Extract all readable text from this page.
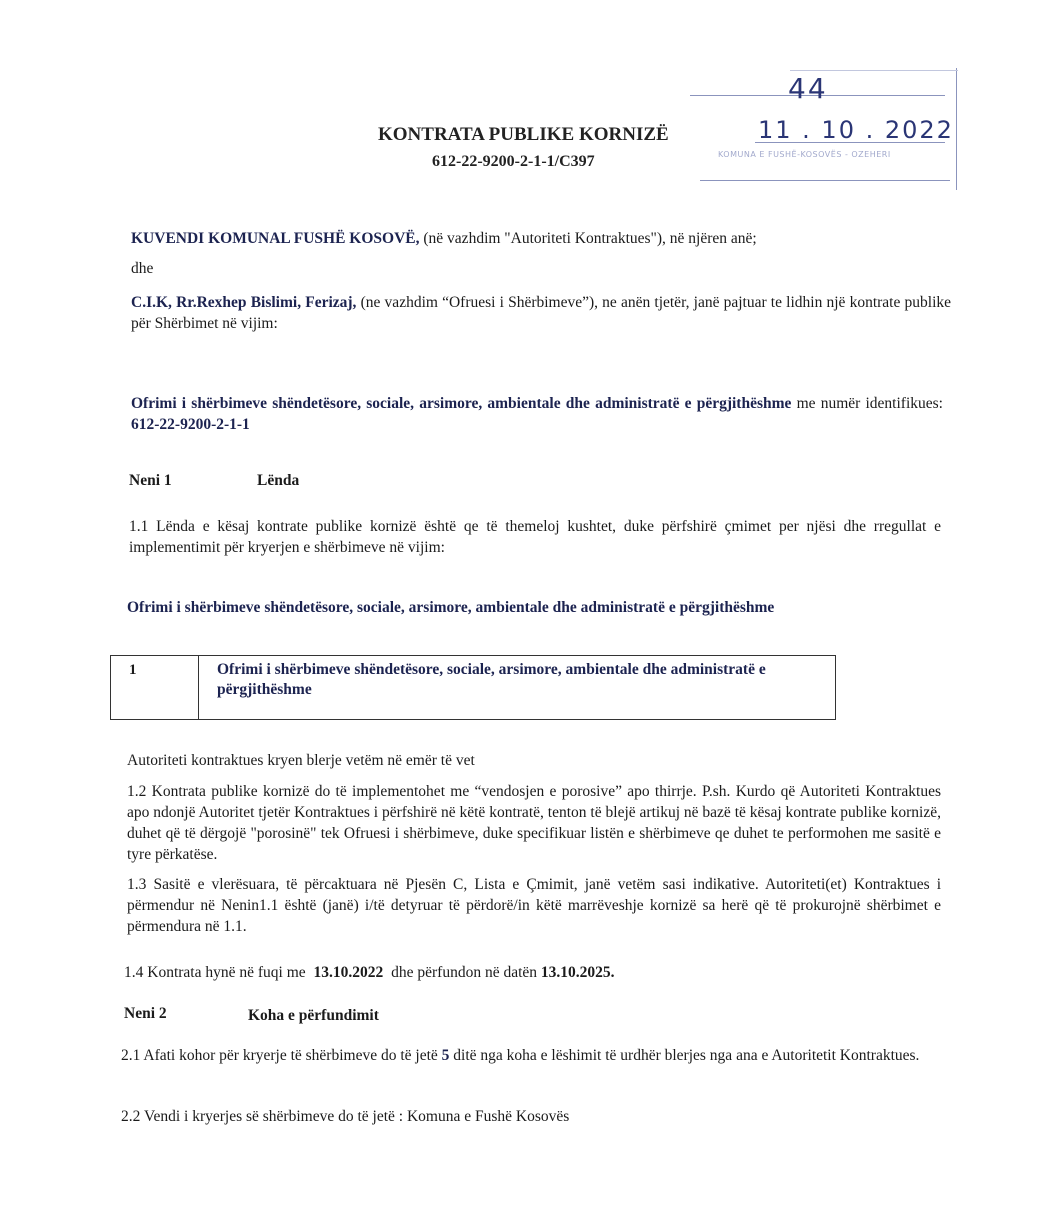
KOMUNA E FUSHË-KOSOVËS - OZEHERI
44
11 . 10 . 2022
KONTRATA PUBLIKE KORNIZË
612-22-9200-2-1-1/C397
KUVENDI KOMUNAL FUSHË KOSOVË, (në vazhdim "Autoriteti Kontraktues"), në njëren anë;
dhe
C.I.K, Rr.Rexhep Bislimi, Ferizaj, (ne vazhdim “Ofruesi i Shërbimeve”), ne anën tjetër, janë pajtuar te lidhin një kontrate publike për Shërbimet në vijim:
Ofrimi i shërbimeve shëndetësore, sociale, arsimore, ambientale dhe administratë e përgjithëshme me numër identifikues: 612-22-9200-2-1-1
Neni 1	Lënda
1.1 Lënda e kësaj kontrate publike kornizë është qe të themeloj kushtet, duke përfshirë çmimet per njësi dhe rregullat e implementimit për kryerjen e shërbimeve në vijim:
Ofrimi i shërbimeve shëndetësore, sociale, arsimore, ambientale dhe administratë e përgjithëshme
1	Ofrimi i shërbimeve shëndetësore, sociale, arsimore, ambientale dhe administratë e përgjithëshme
Autoriteti kontraktues kryen blerje vetëm në emër të vet
1.2 Kontrata publike kornizë do të implementohet me “vendosjen e porosive” apo thirrje. P.sh. Kurdo që Autoriteti Kontraktues apo ndonjë Autoritet tjetër Kontraktues i përfshirë në këtë kontratë, tenton të blejë artikuj në bazë të kësaj kontrate publike kornizë, duhet që të dërgojë "porosinë" tek Ofruesi i shërbimeve, duke specifikuar listën e shërbimeve qe duhet te performohen me sasitë e tyre përkatëse.
1.3 Sasitë e vlerësuara, të përcaktuara në Pjesën C, Lista e Çmimit, janë vetëm sasi indikative. Autoriteti(et) Kontraktues i përmendur në Nenin1.1 është (janë) i/të detyruar të përdorë/in këtë marrëveshje kornizë sa herë që të prokurojnë shërbimet e përmendura në 1.1.
1.4 Kontrata hynë në fuqi me 13.10.2022 dhe përfundon në datën 13.10.2025.
Neni 2	Koha e përfundimit
2.1 Afati kohor për kryerje të shërbimeve do të jetë 5 ditë nga koha e lëshimit të urdhër blerjes nga ana e Autoritetit Kontraktues.
2.2 Vendi i kryerjes së shërbimeve do të jetë : Komuna e Fushë Kosovës
